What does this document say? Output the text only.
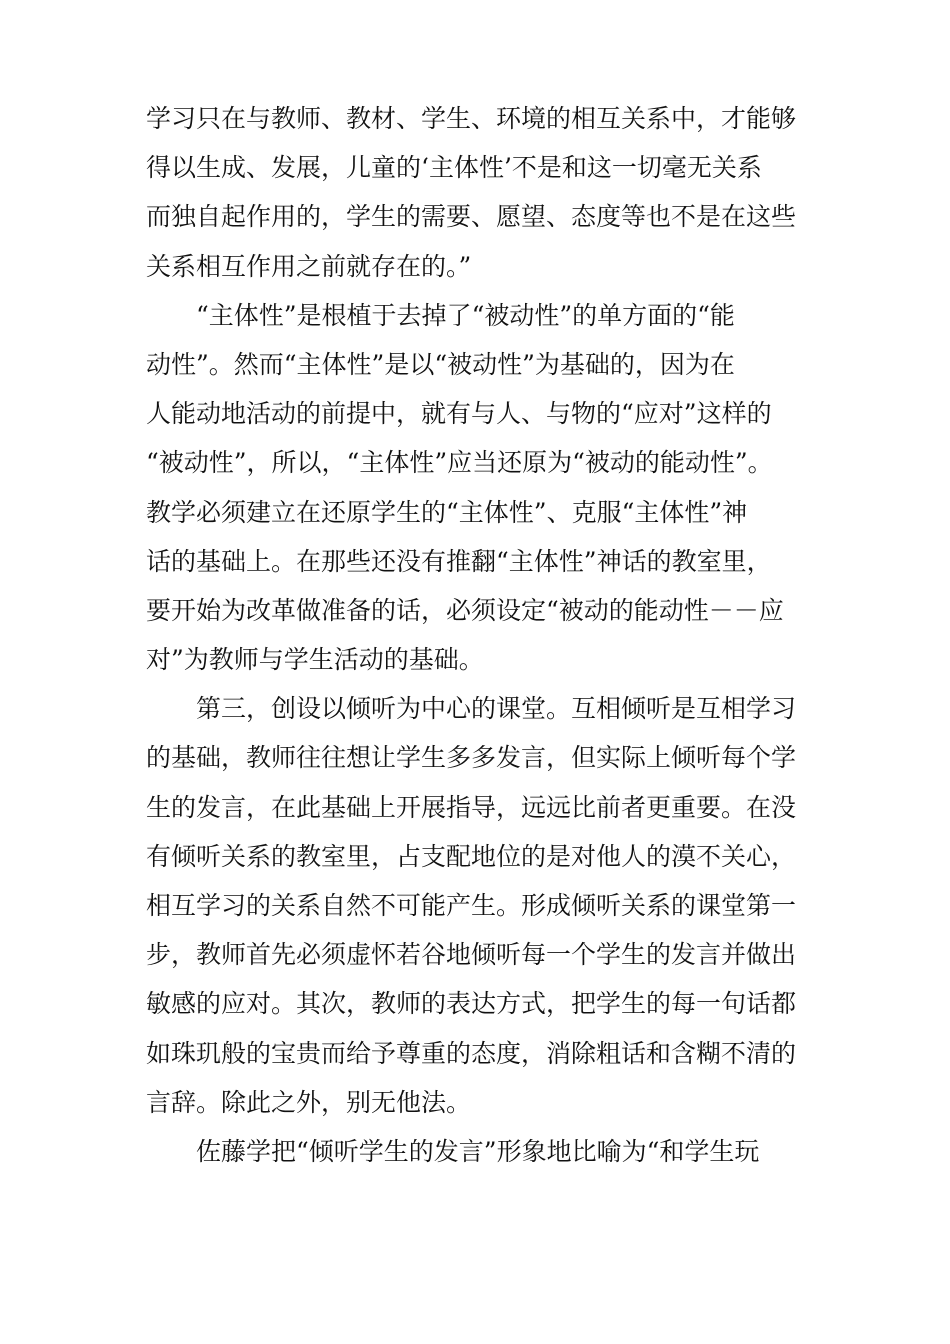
学习只在与教师、教材、学生、环境的相互关系中，才能够
得以生成、发展，儿童的‘主体性’不是和这一切毫无关系
而独自起作用的，学生的需要、愿望、态度等也不是在这些
关系相互作用之前就存在的。”
　　“主体性”是根植于去掉了“被动性”的单方面的“能
动性”。然而“主体性”是以“被动性”为基础的，因为在
人能动地活动的前提中，就有与人、与物的“应对”这样的
“被动性”，所以，“主体性”应当还原为“被动的能动性”。
教学必须建立在还原学生的“主体性”、克服“主体性”神
话的基础上。在那些还没有推翻“主体性”神话的教室里，
要开始为改革做准备的话，必须设定“被动的能动性－－应
对”为教师与学生活动的基础。
　　第三，创设以倾听为中心的课堂。互相倾听是互相学习
的基础，教师往往想让学生多多发言，但实际上倾听每个学
生的发言，在此基础上开展指导，远远比前者更重要。在没
有倾听关系的教室里，占支配地位的是对他人的漠不关心，
相互学习的关系自然不可能产生。形成倾听关系的课堂第一
步，教师首先必须虚怀若谷地倾听每一个学生的发言并做出
敏感的应对。其次，教师的表达方式，把学生的每一句话都
如珠玑般的宝贵而给予尊重的态度，消除粗话和含糊不清的
言辞。除此之外，别无他法。
　　佐藤学把“倾听学生的发言”形象地比喻为“和学生玩
